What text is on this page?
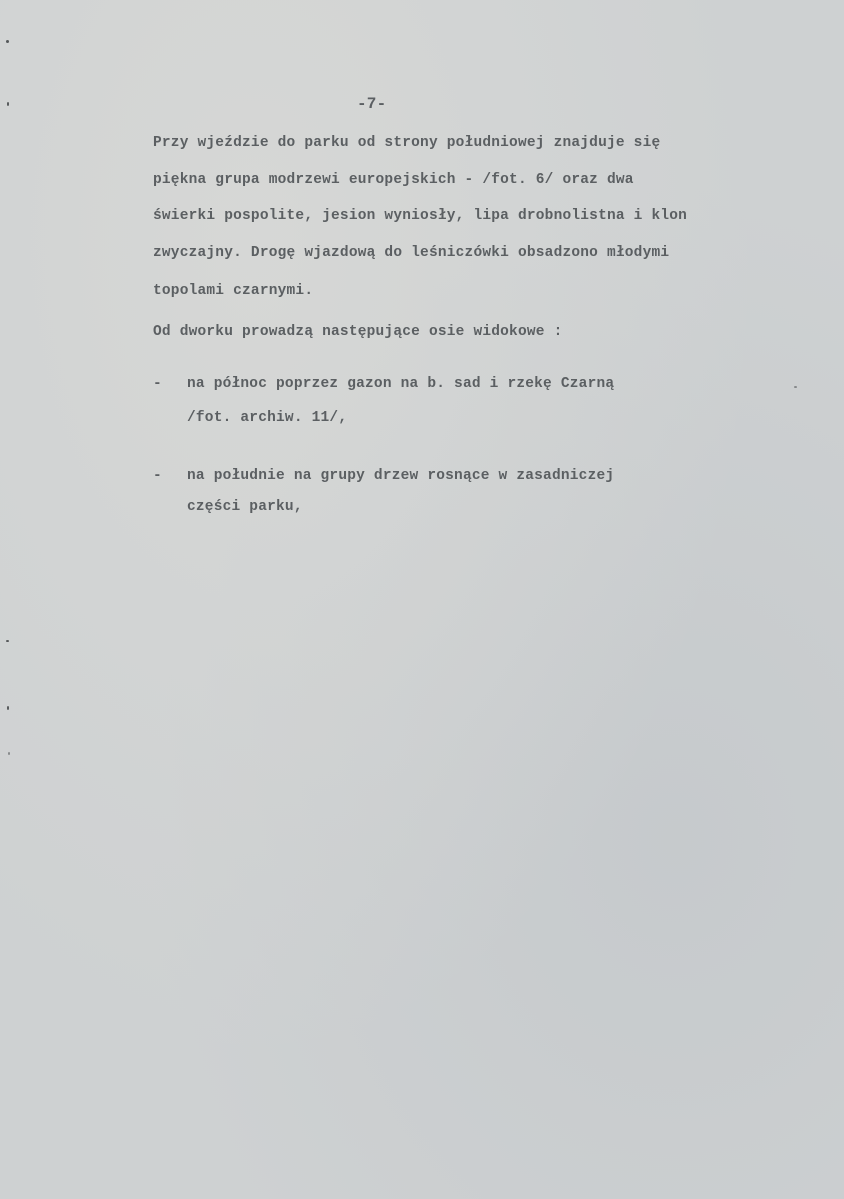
-7-
Przy wjeździe do parku od strony południowej znajduje się
piękna grupa modrzewi europejskich - /fot. 6/ oraz dwa
świerki pospolite, jesion wyniosły, lipa drobnolistna i klon
zwyczajny. Drogę wjazdową do leśniczówki obsadzono młodymi
topolami czarnymi.
Od dworku prowadzą następujące osie widokowe :
- na północ poprzez gazon na b. sad i rzekę Czarną
/fot. archiw. 11/,
- na południe na grupy drzew rosnące w zasadniczej
części parku,
